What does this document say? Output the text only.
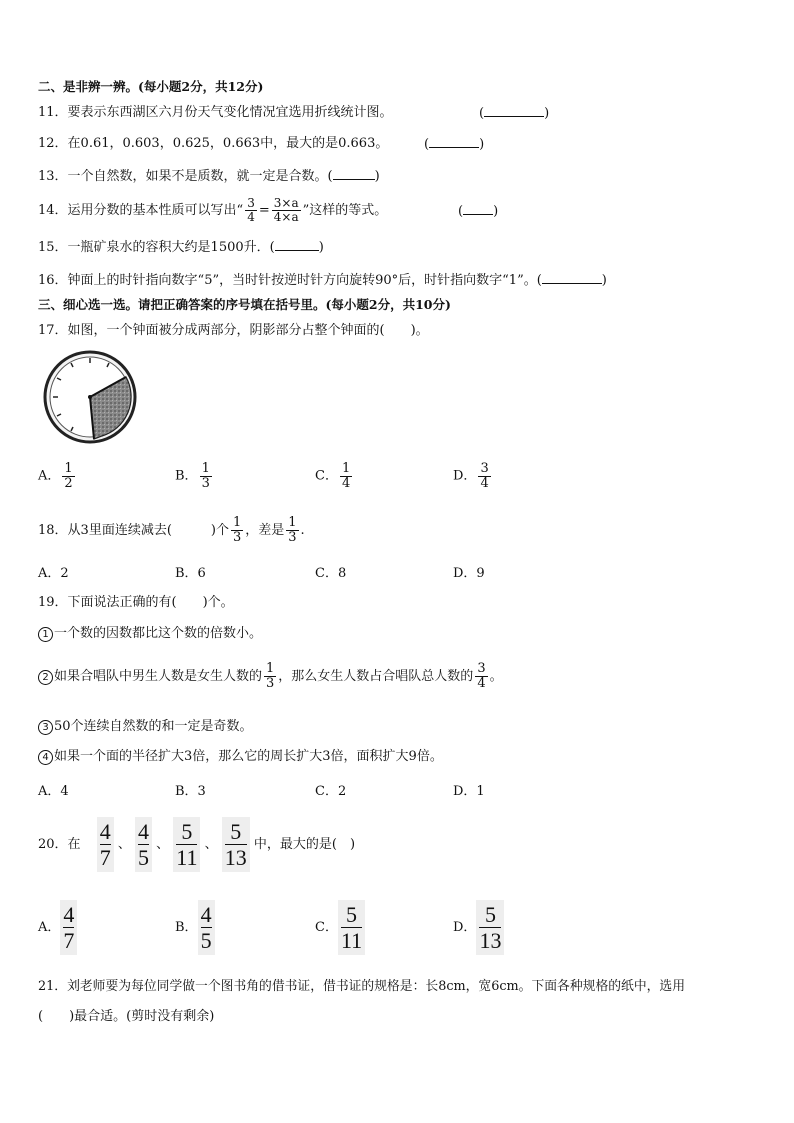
二、是非辨一辨。(每小题2分，共12分)
11．要表示东西湖区六月份天气变化情况宜选用折线统计图。	(	)
12．在0.61，0.603，0.625，0.663中，最大的是0.663。	(	)
13．一个自然数，如果不是质数，就一定是合数。(	)
14．运用分数的基本性质可以写出“ $\frac{3}{4} = \frac{3\times a}{4\times a}$ ”这样的等式。	( )
15．一瓶矿泉水的容积大约是1500升．(	)
16．钟面上的时针指向数字“5”，当时针按逆时针方向旋转90°后，时针指向数字“1”。(	)
三、细心选一选。请把正确答案的序号填在括号里。(每小题2分，共10分)
17．如图，一个钟面被分成两部分，阴影部分占整个钟面的(　　)。
A． $\frac{1}{2}$	B． $\frac{1}{3}$	C． $\frac{1}{4}$	D． $\frac{3}{4}$
18．从3里面连续减去(　　　)个 $\frac{1}{3}$ ，差是 $\frac{1}{3}$ .
A．2	B．6	C．8	D．9
19．下面说法正确的有(　　)个。
1 一个数的因数都比这个数的倍数小。
2 如果合唱队中男生人数是女生人数的 $\frac{1}{3}$ ，那么女生人数占合唱队总人数的 $\frac{3}{4}$ 。
3 50个连续自然数的和一定是奇数。
4 如果一个面的半径扩大3倍，那么它的周长扩大3倍，面积扩大9倍。
A．4	B．3	C．2	D．1
20．在 $\frac{4}{7}$ 、 $\frac{4}{5}$ 、 $\frac{5}{11}$ 、 $\frac{5}{13}$ 中，最大的是(　)
A． $\frac{4}{7}$	B． $\frac{4}{5}$	C． $\frac{5}{11}$	D． $\frac{5}{13}$
21．刘老师要为每位同学做一个图书角的借书证，借书证的规格是：长8cm，宽6cm。下面各种规格的纸中，选用
(　　)最合适。(剪时没有剩余)
